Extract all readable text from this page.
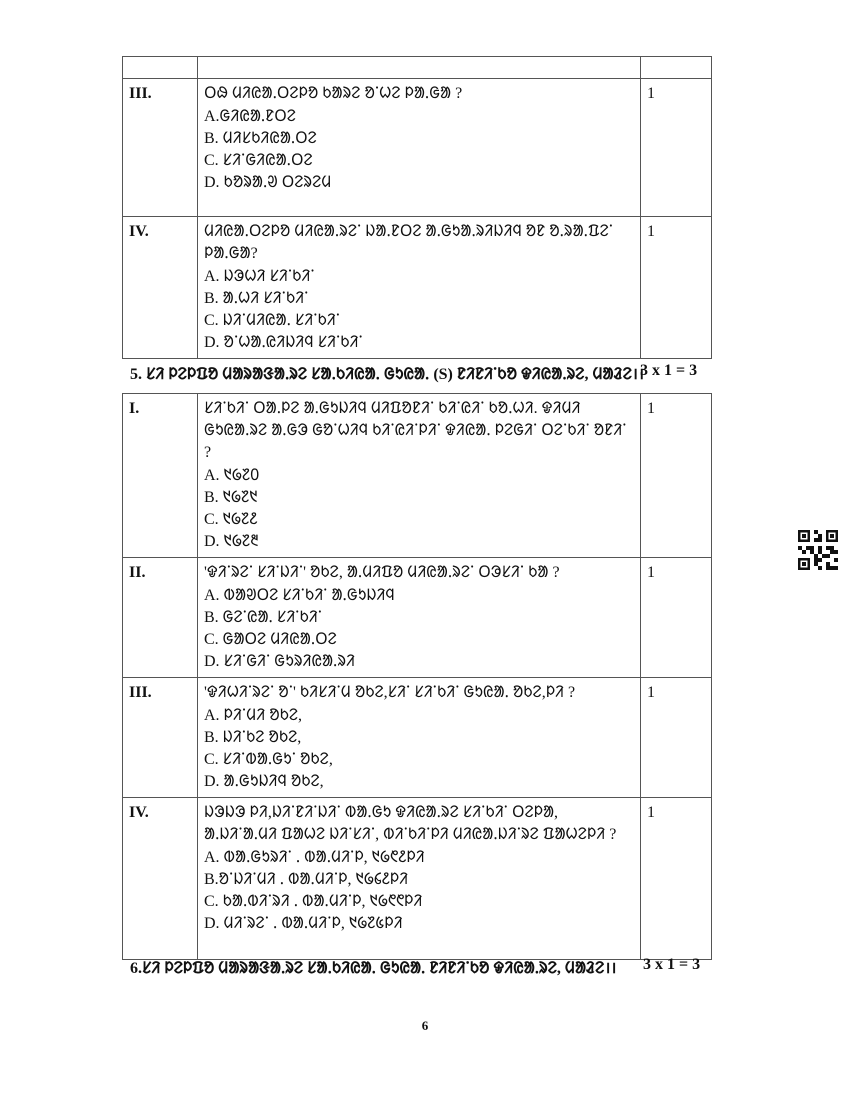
III.	ᱛᱷ ᱢᱤᱭᱟᱹᱛᱮᱞᱚ ᱠᱟᱨᱮ ᱚᱸᱦᱮ ᱞᱟᱹᱜᱟ ?
A.ᱜᱤᱭᱟᱹᱱᱛᱮ
B. ᱢᱤᱥᱠᱤᱭᱟᱹᱛᱮ
C. ᱥᱤᱸᱜᱤᱭᱟᱹᱛᱮ
D. ᱠᱚᱨᱟᱹᱣ ᱛᱮᱨᱮᱢ	1
IV.	ᱢᱤᱭᱟᱹᱛᱮᱞᱚ ᱢᱤᱭᱟᱹᱨᱮᱸ ᱡᱟᱹᱱᱛᱮ ᱟᱹᱜᱩᱟᱹᱨᱤᱡᱤᱧ ᱚᱱ ᱚᱹᱨᱟᱹᱯᱮᱸ ᱞᱟᱹᱜᱟ?
A. ᱡᱳᱦᱤ ᱥᱤᱸᱠᱤᱸ
B. ᱟᱹᱦᱤ ᱥᱤᱸᱠᱤᱸ
C. ᱡᱤᱸᱢᱤᱭᱟᱹ ᱥᱤᱸᱠᱤᱸ
D. ᱚᱸᱦᱟᱹᱭᱤᱡᱤᱧ ᱥᱤᱸᱠᱤᱸ	1
5. ᱥᱤ ᱞᱮᱞᱯᱚ ᱢᱟᱨᱟᱝᱟᱹᱨᱮ ᱥᱟᱹᱠᱤᱭᱟᱹ ᱜᱩᱭᱟᱹ (S) ᱱᱤᱱᱤᱸᱠᱚ ᱫᱤᱭᱟᱹᱨᱮ, ᱢᱟᱲᱮ।।
3 x 1 = 3
I.	ᱥᱤᱸᱠᱤᱸ ᱛᱟᱹᱞᱮ ᱟᱹᱜᱩᱡᱤᱧ ᱢᱤᱯᱚᱱᱤᱸ ᱠᱤᱸᱭᱤᱸ ᱠᱚᱹᱦᱤ. ᱫᱤᱢᱤ ᱜᱩᱭᱟᱹᱨᱮ ᱟᱹᱜᱳ ᱜᱚᱸᱦᱤᱧ ᱠᱤᱸᱭᱤᱸᱞᱤᱸ ᱫᱤᱭᱟᱹ ᱞᱮᱜᱤᱸ ᱛᱮᱸᱠᱤᱸ ᱚᱱᱤᱸ ?
A. ᱑᱙᱗᱐
B. ᱑᱙᱗᱑
C. ᱑᱙᱗᱒
D. ᱑᱙᱗᱓	1
II.	'ᱫᱤᱸᱨᱮᱸ ᱥᱤᱸᱡᱤᱸ' ᱚᱠᱮ, ᱟᱹᱢᱤᱯᱚ ᱢᱤᱭᱟᱹᱨᱮᱸ ᱛᱳᱥᱤᱸ ᱠᱟ ?
A. ᱵᱟᱣᱛᱮ ᱥᱤᱸᱠᱤᱸ ᱟᱹᱜᱩᱡᱤᱧ
B. ᱜᱮᱸᱭᱟᱹ ᱥᱤᱸᱠᱤᱸ
C. ᱜᱟᱛᱮ ᱢᱤᱭᱟᱹᱛᱮ
D. ᱥᱤᱸᱜᱤᱸ ᱜᱩᱨᱤᱭᱟᱹᱨᱤ	1
III.	'ᱫᱤᱦᱤᱸᱨᱮᱸ ᱚᱸ' ᱠᱤᱥᱤᱸᱢ ᱚᱠᱮ,ᱥᱤᱸ ᱥᱤᱸᱠᱤᱸ ᱜᱩᱭᱟᱹ ᱚᱠᱮ,ᱞᱤ ?
A. ᱞᱤᱸᱢᱤ ᱚᱠᱮ,
B. ᱡᱤᱸᱠᱮ ᱚᱠᱮ,
C. ᱥᱤᱸᱵᱟᱹᱜᱩᱸ ᱚᱠᱮ,
D. ᱟᱹᱜᱩᱡᱤᱧ ᱚᱠᱮ,	1
IV.	ᱡᱳᱡᱳ ᱞᱤ,ᱡᱤᱸᱱᱤᱸᱡᱤᱸ ᱵᱟᱹᱜᱩ ᱫᱤᱭᱟᱹᱨᱮ ᱥᱤᱸᱠᱤᱸ ᱛᱮᱞᱟ, ᱟᱹᱡᱤᱸᱟᱹᱢᱤ ᱯᱟᱦᱮ ᱡᱤᱸᱥᱤᱸ, ᱵᱤᱸᱠᱤᱸᱞᱤ ᱢᱤᱭᱟᱹᱡᱤᱸᱨᱮ ᱯᱟᱦᱮᱞᱤ ?
A. ᱵᱟᱹᱜᱩᱨᱤᱸ ᱹ ᱵᱟᱹᱢᱤᱸᱞ, ᱑᱙᱖᱒ᱞᱤ
B.ᱚᱸᱡᱤᱸᱢᱤ ᱹ ᱵᱟᱹᱢᱤᱸᱞ, ᱑᱙᱔᱒ᱞᱤ
C. ᱠᱟᱹᱵᱤᱸᱨᱤ ᱹ ᱵᱟᱹᱢᱤᱸᱞ, ᱑᱙᱖᱖ᱞᱤ
D. ᱢᱤᱸᱨᱮᱸ ᱹ ᱵᱟᱹᱢᱤᱸᱞ, ᱑᱙᱗᱕ᱞᱤ	1
6.ᱥᱤ ᱞᱮᱞᱯᱚ ᱢᱟᱨᱟᱝᱟᱹᱨᱮ ᱥᱟᱹᱠᱤᱭᱟᱹ ᱜᱩᱭᱟᱹ ᱱᱤᱱᱤᱸᱠᱚ ᱫᱤᱭᱟᱹᱨᱮ, ᱢᱟᱲᱮ।। 3 x 1 = 3
6
